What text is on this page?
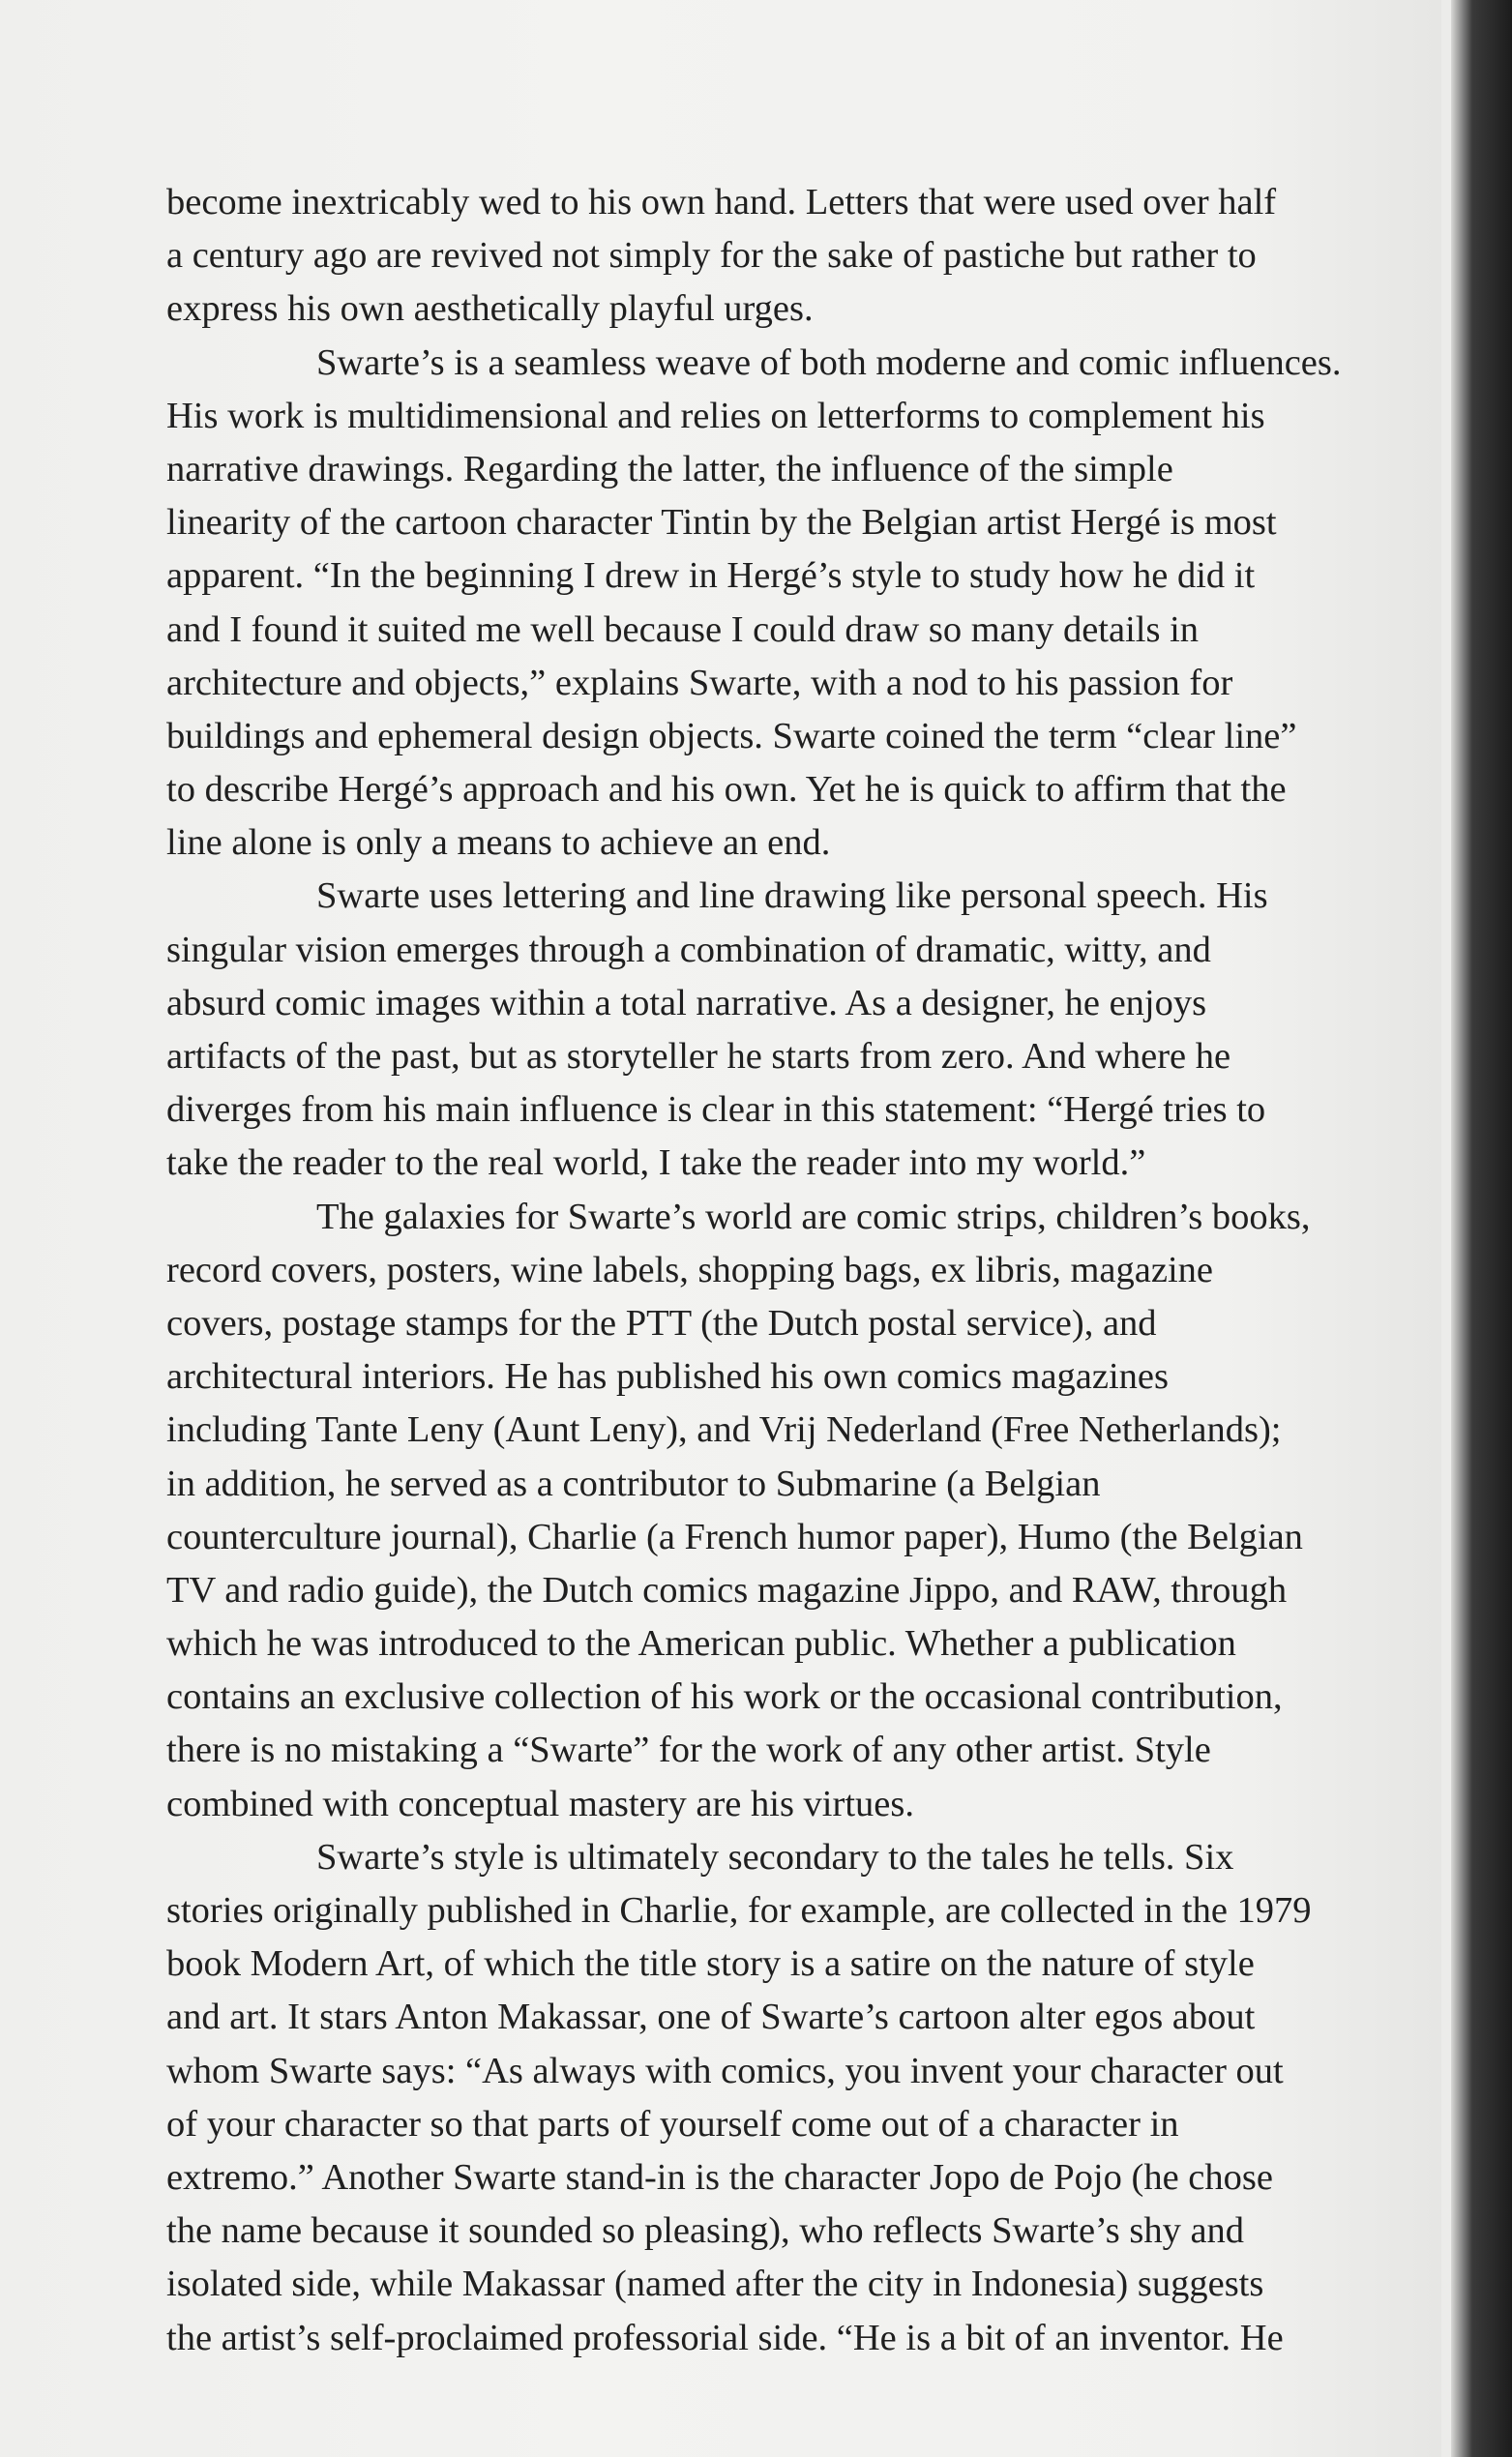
become inextricably wed to his own hand. Letters that were used over half
a century ago are revived not simply for the sake of pastiche but rather to
express his own aesthetically playful urges.
Swarte’s is a seamless weave of both moderne and comic influences.
His work is multidimensional and relies on letterforms to complement his
narrative drawings. Regarding the latter, the influence of the simple
linearity of the cartoon character Tintin by the Belgian artist Hergé is most
apparent. “In the beginning I drew in Hergé’s style to study how he did it
and I found it suited me well because I could draw so many details in
architecture and objects,” explains Swarte, with a nod to his passion for
buildings and ephemeral design objects. Swarte coined the term “clear line”
to describe Hergé’s approach and his own. Yet he is quick to affirm that the
line alone is only a means to achieve an end.
Swarte uses lettering and line drawing like personal speech. His
singular vision emerges through a combination of dramatic, witty, and
absurd comic images within a total narrative. As a designer, he enjoys
artifacts of the past, but as storyteller he starts from zero. And where he
diverges from his main influence is clear in this statement: “Hergé tries to
take the reader to the real world, I take the reader into my world.”
The galaxies for Swarte’s world are comic strips, children’s books,
record covers, posters, wine labels, shopping bags, ex libris, magazine
covers, postage stamps for the PTT (the Dutch postal service), and
architectural interiors. He has published his own comics magazines
including Tante Leny (Aunt Leny), and Vrij Nederland (Free Netherlands);
in addition, he served as a contributor to Submarine (a Belgian
counterculture journal), Charlie (a French humor paper), Humo (the Belgian
TV and radio guide), the Dutch comics magazine Jippo, and RAW, through
which he was introduced to the American public. Whether a publication
contains an exclusive collection of his work or the occasional contribution,
there is no mistaking a “Swarte” for the work of any other artist. Style
combined with conceptual mastery are his virtues.
Swarte’s style is ultimately secondary to the tales he tells. Six
stories originally published in Charlie, for example, are collected in the 1979
book Modern Art, of which the title story is a satire on the nature of style
and art. It stars Anton Makassar, one of Swarte’s cartoon alter egos about
whom Swarte says: “As always with comics, you invent your character out
of your character so that parts of yourself come out of a character in
extremo.” Another Swarte stand-in is the character Jopo de Pojo (he chose
the name because it sounded so pleasing), who reflects Swarte’s shy and
isolated side, while Makassar (named after the city in Indonesia) suggests
the artist’s self-proclaimed professorial side. “He is a bit of an inventor. He
